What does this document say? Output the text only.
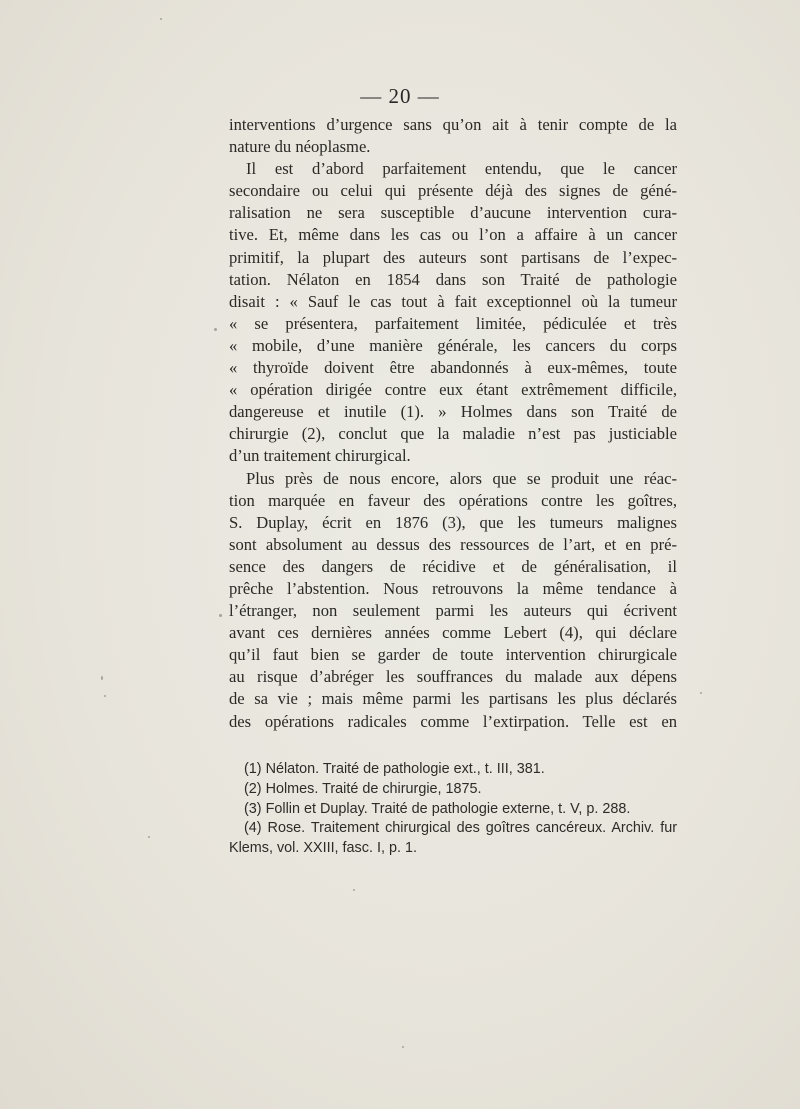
— 20 —
interventions d’urgence sans qu’on ait à tenir compte de la
nature du néoplasme.
Il est d’abord parfaitement entendu, que le cancer
secondaire ou celui qui présente déjà des signes de géné-
ralisation ne sera susceptible d’aucune intervention cura-
tive. Et, même dans les cas ou l’on a affaire à un cancer
primitif, la plupart des auteurs sont partisans de l’expec-
tation. Nélaton en 1854 dans son Traité de pathologie
disait : « Sauf le cas tout à fait exceptionnel où la tumeur
« se présentera, parfaitement limitée, pédiculée et très
« mobile, d’une manière générale, les cancers du corps
« thyroïde doivent être abandonnés à eux-mêmes, toute
« opération dirigée contre eux étant extrêmement difficile,
dangereuse et inutile (1). » Holmes dans son Traité de
chirurgie (2), conclut que la maladie n’est pas justiciable
d’un traitement chirurgical.
Plus près de nous encore, alors que se produit une réac-
tion marquée en faveur des opérations contre les goîtres,
S. Duplay, écrit en 1876 (3), que les tumeurs malignes
sont absolument au dessus des ressources de l’art, et en pré-
sence des dangers de récidive et de généralisation, il
prêche l’abstention. Nous retrouvons la même tendance à
l’étranger, non seulement parmi les auteurs qui écrivent
avant ces dernières années comme Lebert (4), qui déclare
qu’il faut bien se garder de toute intervention chirurgicale
au risque d’abréger les souffrances du malade aux dépens
de sa vie ; mais même parmi les partisans les plus déclarés
des opérations radicales comme l’extirpation. Telle est en
(1) Nélaton. Traité de pathologie ext., t. III, 381.
(2) Holmes. Traité de chirurgie, 1875.
(3) Follin et Duplay. Traité de pathologie externe, t. V, p. 288.
(4) Rose. Traitement chirurgical des goîtres cancéreux. Archiv. fur
Klems, vol. XXIII, fasc. I, p. 1.
